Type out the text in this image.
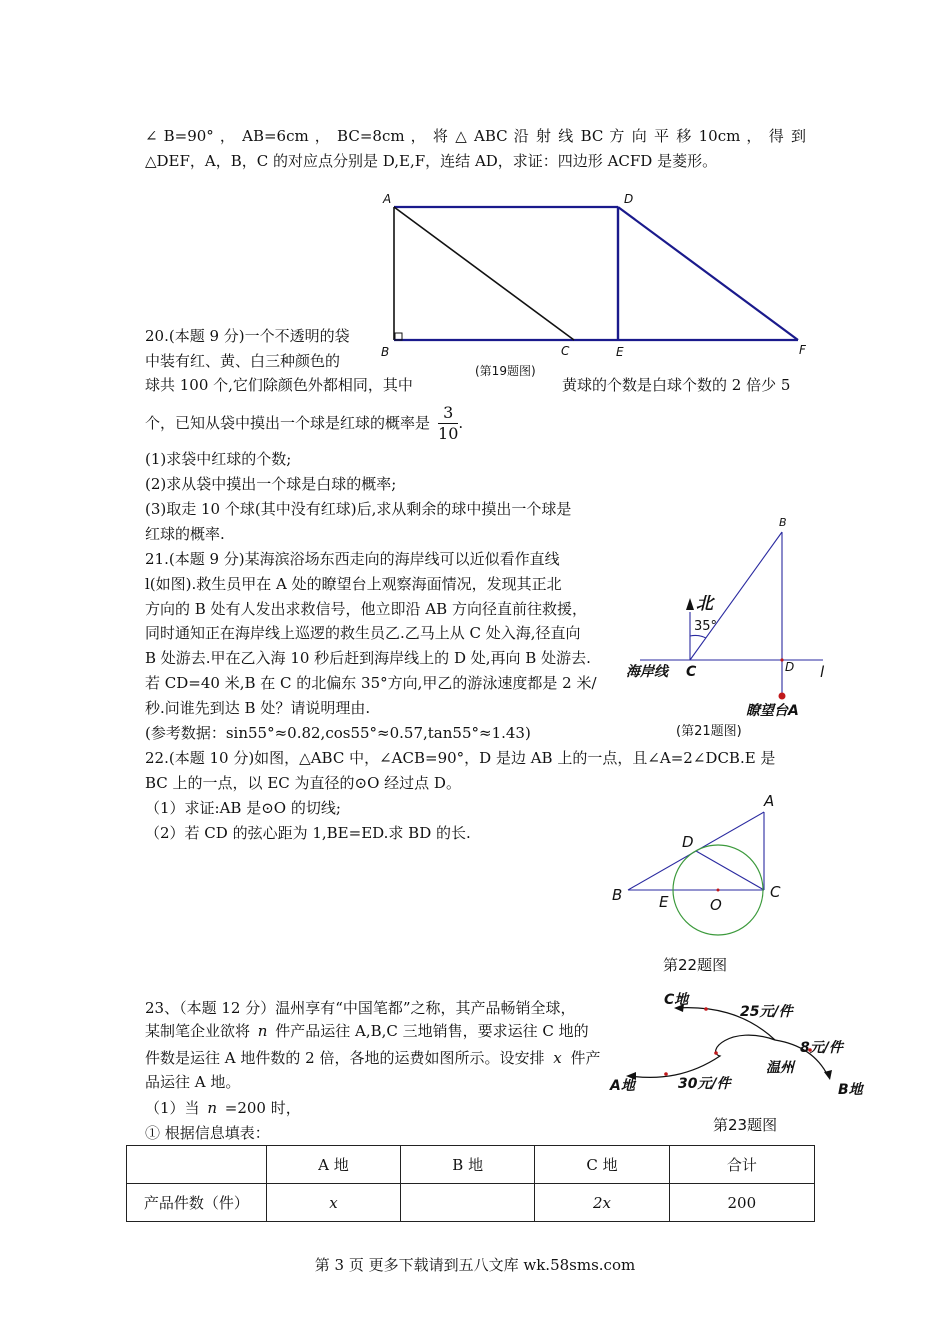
∠ B=90° ， AB=6cm ， BC=8cm ， 将 △ ABC 沿 射 线 BC 方 向 平 移 10cm ， 得 到
△DEF，A，B，C 的对应点分别是 D,E,F，连结 AD，求证：四边形 ACFD 是菱形。
A	D
B	C	E	F
(第19题图)
20.(本题 9 分)一个不透明的袋
中装有红、黄、白三种颜色的
球共 100 个,它们除颜色外都相同，其中	黄球的个数是白球个数的 2 倍少 5
个，已知从袋中摸出一个球是红球的概率是 $\frac{3}{10}$ .
(1)求袋中红球的个数;
(2)求从袋中摸出一个球是白球的概率;
(3)取走 10 个球(其中没有红球)后,求从剩余的球中摸出一个球是
红球的概率.
21.(本题 9 分)某海滨浴场东西走向的海岸线可以近似看作直线
l(如图).救生员甲在 A 处的瞭望台上观察海面情况，发现其正北
方向的 B 处有人发出求救信号，他立即沿 AB 方向径直前往救援，
同时通知正在海岸线上巡逻的救生员乙.乙马上从 C 处入海,径直向
B 处游去.甲在乙入海 10 秒后赶到海岸线上的 D 处,再向 B 处游去.
若 CD=40 米,B 在 C 的北偏东 35°方向,甲乙的游泳速度都是 2 米/
秒.问谁先到达 B 处？请说明理由.
(参考数据：sin55°≈0.82,cos55°≈0.57,tan55°≈1.43)
B
北
35°
海岸线 C	D l
瞭望台A
(第21题图)
22.(本题 10 分)如图，△ABC 中，∠ACB=90°，D 是边 AB 上的一点，且∠A=2∠DCB.E 是
BC 上的一点，以 EC 为直径的⊙O 经过点 D。
（1）求证:AB 是⊙O 的切线;
（2）若 CD 的弦心距为 1,BE=ED.求 BD 的长.
A
D
B E	O
C
第22题图
23、（本题 12 分）温州享有“中国笔都”之称，其产品畅销全球，
某制笔企业欲将 n 件产品运往 A,B,C 三地销售，要求运往 C 地的
件数是运往 A 地件数的 2 倍，各地的运费如图所示。设安排 x 件产
品运往 A 地。
（1）当 n =200 时，
① 根据信息填表：
C地
25元/件
8元/件
温州
B地
A地	30元/件
第23题图
	A 地	B 地	C 地	合计
产品件数（件）	x		2x	200
第 3 页 更多下载请到五八文库 wk.58sms.com
